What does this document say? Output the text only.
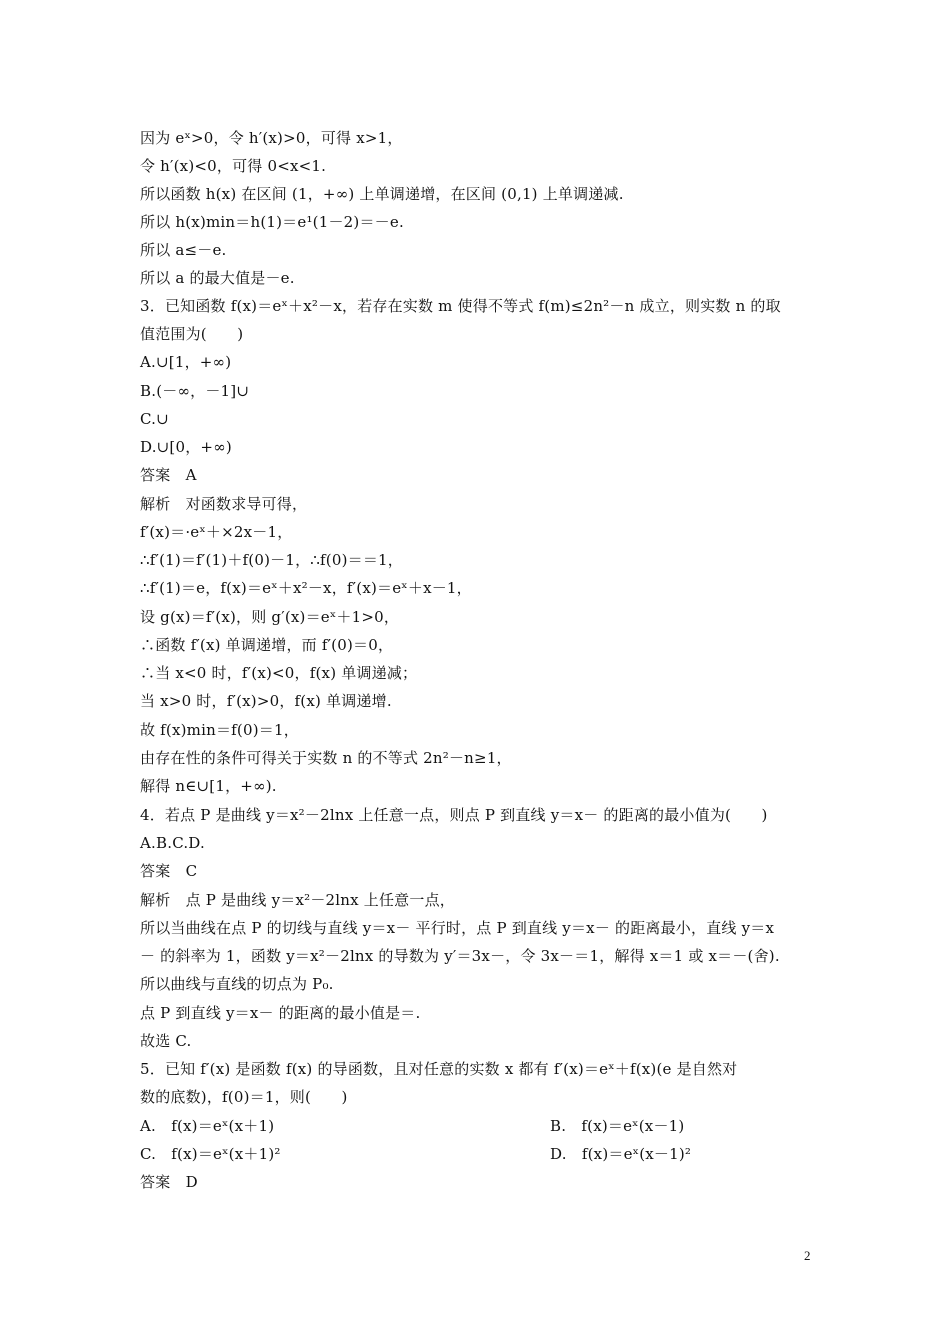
因为 eˣ>0，令 h′(x)>0，可得 x>1，
令 h′(x)<0，可得 0<x<1.
所以函数 h(x) 在区间 (1，+∞) 上单调递增，在区间 (0,1) 上单调递减.
所以 h(x)min＝h(1)＝e¹(1－2)＝－e.
所以 a≤－e.
所以 a 的最大值是－e.
3．已知函数 f(x)＝eˣ＋x²－x，若存在实数 m 使得不等式 f(m)≤2n²－n 成立，则实数 n 的取
值范围为(　　)
A.∪[1，+∞)
B.(－∞，－1]∪
C.∪
D.∪[0，+∞)
答案　A
解析　对函数求导可得，
f′(x)＝·eˣ＋×2x－1，
∴f′(1)＝f′(1)＋f(0)－1，∴f(0)＝＝1，
∴f′(1)＝e，f(x)＝eˣ＋x²－x，f′(x)＝eˣ＋x－1，
设 g(x)＝f′(x)，则 g′(x)＝eˣ＋1>0，
∴函数 f′(x) 单调递增，而 f′(0)＝0，
∴当 x<0 时，f′(x)<0，f(x) 单调递减；
当 x>0 时，f′(x)>0，f(x) 单调递增.
故 f(x)min＝f(0)＝1，
由存在性的条件可得关于实数 n 的不等式 2n²－n≥1，
解得 n∈∪[1，+∞).
4．若点 P 是曲线 y＝x²－2lnx 上任意一点，则点 P 到直线 y＝x－ 的距离的最小值为(　　)
A.B.C.D.
答案　C
解析　点 P 是曲线 y＝x²－2lnx 上任意一点，
所以当曲线在点 P 的切线与直线 y＝x－ 平行时，点 P 到直线 y＝x－ 的距离最小，直线 y＝x
－ 的斜率为 1，函数 y＝x²－2lnx 的导数为 y′＝3x－，令 3x－＝1，解得 x＝1 或 x＝－(舍).
所以曲线与直线的切点为 P₀.
点 P 到直线 y＝x－ 的距离的最小值是＝.
故选 C.
5．已知 f′(x) 是函数 f(x) 的导函数，且对任意的实数 x 都有 f′(x)＝eˣ＋f(x)(e 是自然对
数的底数)，f(0)＝1，则(　　)
A.　f(x)＝eˣ(x＋1)	B.　f(x)＝eˣ(x－1)
C.　f(x)＝eˣ(x＋1)²	D.　f(x)＝eˣ(x－1)²
答案　D
2
